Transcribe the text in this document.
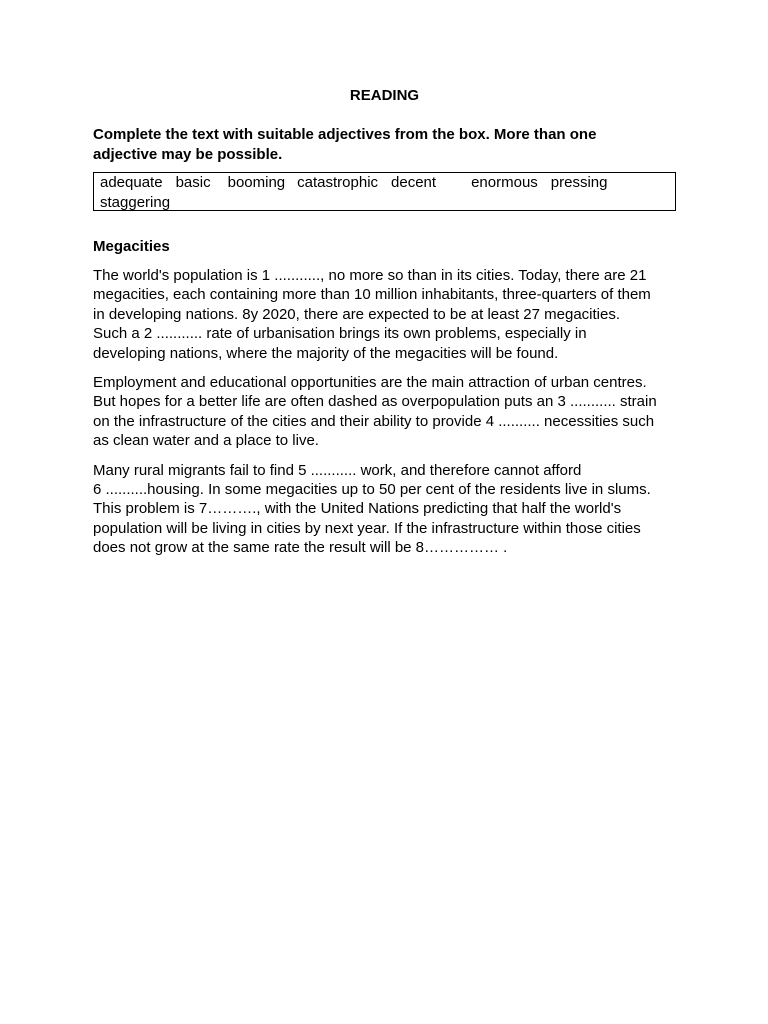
READING

Complete the text with suitable adjectives from the box. More than one
adjective may be possible.

adequate basic booming catastrophic decent enormous pressing
staggering
Megacities

The world's population is 1 ..........., no more so than in its cities. Today, there are 21
megacities, each containing more than 10 million inhabitants, three-quarters of them
in developing nations. 8y 2020, there are expected to be at least 27 megacities.
Such a 2 ........... rate of urbanisation brings its own problems, especially in
developing nations, where the majority of the megacities will be found.

Employment and educational opportunities are the main attraction of urban centres.
But hopes for a better life are often dashed as overpopulation puts an 3 ........... strain
on the infrastructure of the cities and their ability to provide 4 .......... necessities such
as clean water and a place to live.

Many rural migrants fail to find 5 ........... work, and therefore cannot afford
6 ..........housing. In some megacities up to 50 per cent of the residents live in slums.
This problem is 7………., with the United Nations predicting that half the world's
population will be living in cities by next year. If the infrastructure within those cities
does not grow at the same rate the result will be 8…………… .
